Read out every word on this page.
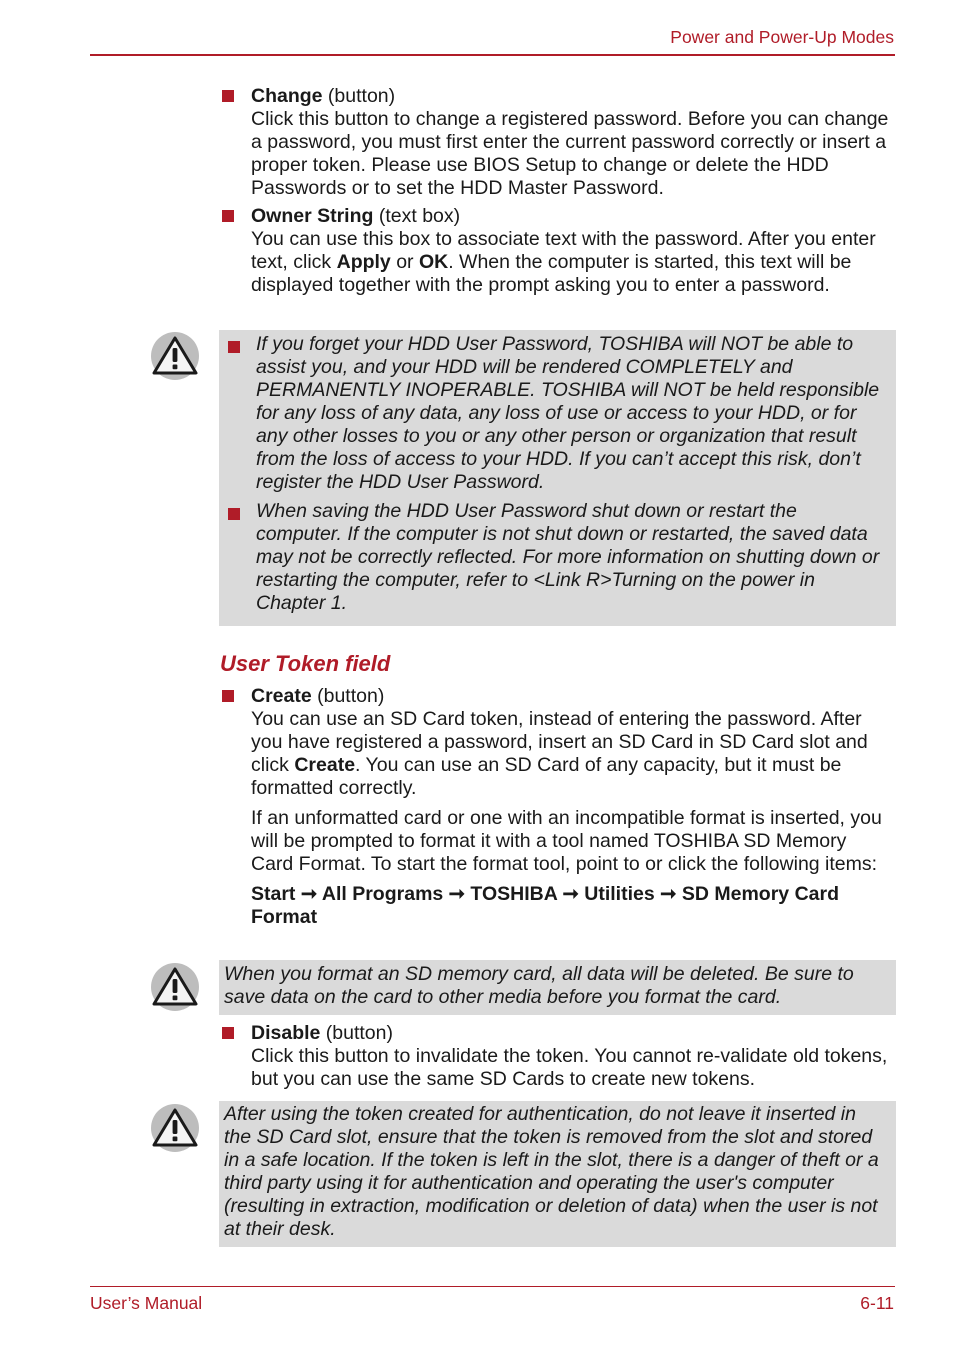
Power and Power-Up Modes

Change (button)

Click this button to change a registered password. Before you can change a password, you must first enter the current password correctly or insert a proper token. Please use BIOS Setup to change or delete the HDD Passwords or to set the HDD Master Password.

Owner String (text box)

You can use this box to associate text with the password. After you enter text, click Apply or OK. When the computer is started, this text will be displayed together with the prompt asking you to enter a password.

If you forget your HDD User Password, TOSHIBA will NOT be able to assist you, and your HDD will be rendered COMPLETELY and PERMANENTLY INOPERABLE. TOSHIBA will NOT be held responsible for any loss of any data, any loss of use or access to your HDD, or for any other losses to you or any other person or organization that result from the loss of access to your HDD. If you can’t accept this risk, don’t register the HDD User Password.
When saving the HDD User Password shut down or restart the computer. If the computer is not shut down or restarted, the saved data may not be correctly reflected. For more information on shutting down or restarting the computer, refer to <Link R>Turning on the power in Chapter 1.
User Token field

Create (button)

You can use an SD Card token, instead of entering the password. After you have registered a password, insert an SD Card in SD Card slot and click Create. You can use an SD Card of any capacity, but it must be formatted correctly.

If an unformatted card or one with an incompatible format is inserted, you will be prompted to format it with a tool named TOSHIBA SD Memory Card Format. To start the format tool, point to or click the following items:

Start ➞ All Programs ➞ TOSHIBA ➞ Utilities ➞ SD Memory Card Format

When you format an SD memory card, all data will be deleted. Be sure to save data on the card to other media before you format the card.

Disable (button)

Click this button to invalidate the token. You cannot re-validate old tokens, but you can use the same SD Cards to create new tokens.

After using the token created for authentication, do not leave it inserted in the SD Card slot, ensure that the token is removed from the slot and stored in a safe location. If the token is left in the slot, there is a danger of theft or a third party using it for authentication and operating the user's computer (resulting in extraction, modification or deletion of data) when the user is not at their desk.
User’s Manual	6-11
